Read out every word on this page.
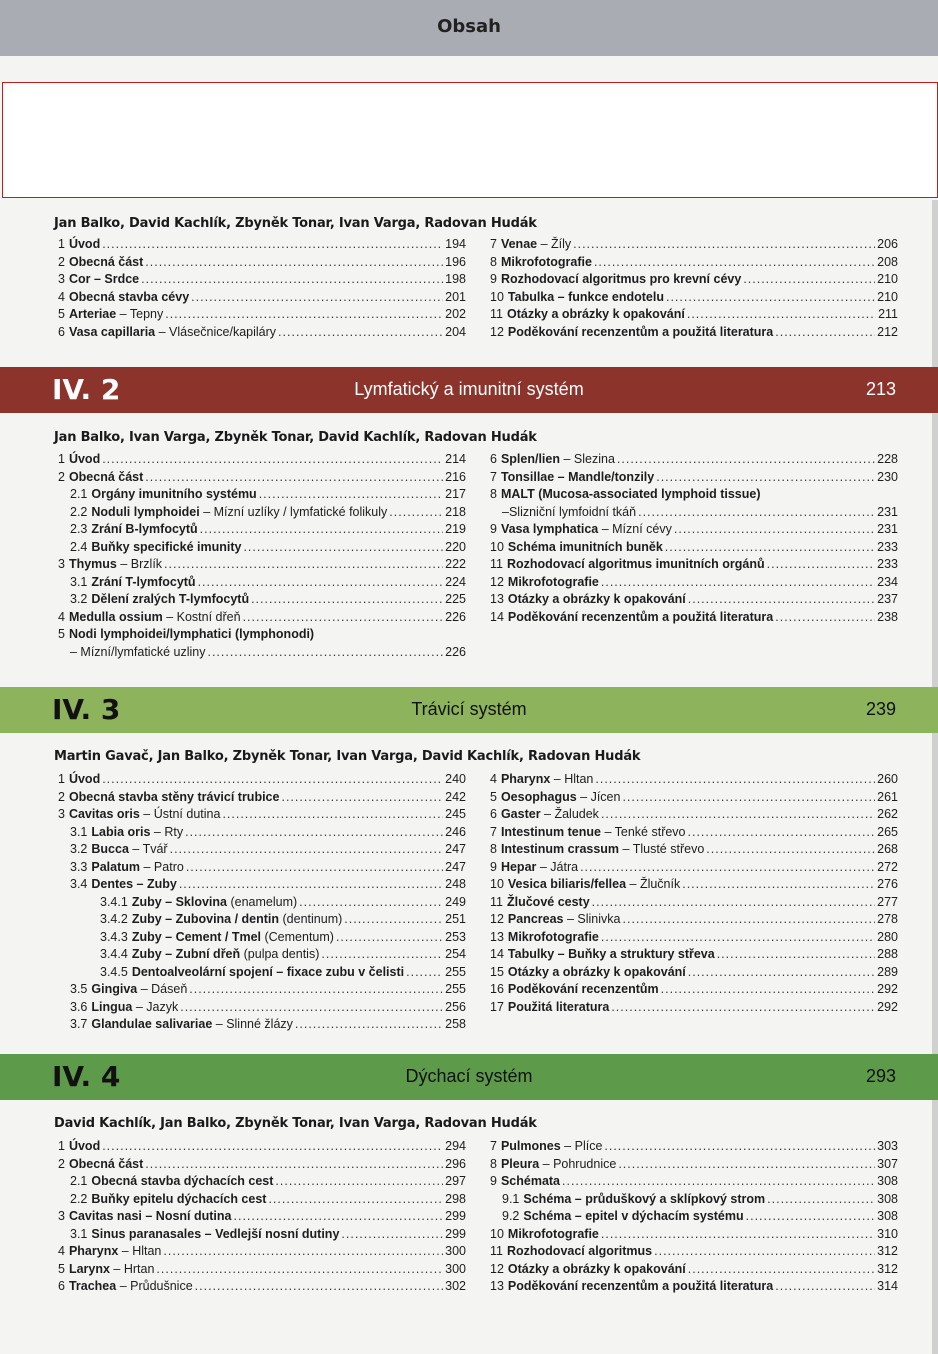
Obsah
Jan Balko, David Kachlík, Zbyněk Tonar, Ivan Varga, Radovan Hudák
1 Úvod .....	194
2 Obecná část .....	196
3 Cor – Srdce .....	198
4 Obecná stavba cévy .....	201
5 Arteriae – Tepny .....	202
6 Vasa capillaria – Vlásečnice/kapiláry .....	204
7 Venae – Žíly .....	206
8 Mikrofotografie .....	208
9 Rozhodovací algoritmus pro krevní cévy .....	210
10 Tabulka – funkce endotelu .....	210
11 Otázky a obrázky k opakování .....	211
12 Poděkování recenzentům a použitá literatura .....	212
IV. 2	Lymfatický a imunitní systém	213
Jan Balko, Ivan Varga, Zbyněk Tonar, David Kachlík, Radovan Hudák
1 Úvod .....	214
2 Obecná část .....	216
2.1 Orgány imunitního systému .....	217
2.2 Noduli lymphoidei – Mízní uzlíky / lymfatické folikuly .....	218
2.3 Zrání B-lymfocytů .....	219
2.4 Buňky specifické imunity .....	220
3 Thymus – Brzlík .....	222
3.1 Zrání T-lymfocytů .....	224
3.2 Dělení zralých T-lymfocytů .....	225
4 Medulla ossium – Kostní dřeň .....	226
5 Nodi lymphoidei/lymphatici (lymphonodi)
– Mízní/lymfatické uzliny .....	226
6 Splen/lien – Slezina .....	228
7 Tonsillae – Mandle/tonzily .....	230
8 MALT (Mucosa-associated lymphoid tissue)
–Slizniční lymfoidní tkáň .....	231
9 Vasa lymphatica – Mízní cévy .....	231
10 Schéma imunitních buněk .....	233
11 Rozhodovací algoritmus imunitních orgánů .....	233
12 Mikrofotografie .....	234
13 Otázky a obrázky k opakování .....	237
14 Poděkování recenzentům a použitá literatura .....	238
IV. 3	Trávicí systém	239
Martin Gavač, Jan Balko, Zbyněk Tonar, Ivan Varga, David Kachlík, Radovan Hudák
1 Úvod .....	240
2 Obecná stavba stěny trávicí trubice .....	242
3 Cavitas oris – Ústní dutina .....	245
3.1 Labia oris – Rty .....	246
3.2 Bucca – Tvář .....	247
3.3 Palatum – Patro .....	247
3.4 Dentes – Zuby .....	248
3.4.1 Zuby – Sklovina (enamelum) .....	249
3.4.2 Zuby – Zubovina / dentin (dentinum) .....	251
3.4.3 Zuby – Cement / Tmel (Cementum) .....	253
3.4.4 Zuby – Zubní dřeň (pulpa dentis) .....	254
3.4.5 Dentoalveolární spojení – fixace zubu v čelisti .....	255
3.5 Gingiva – Dáseň .....	255
3.6 Lingua – Jazyk .....	256
3.7 Glandulae salivariae – Slinné žlázy .....	258
4 Pharynx – Hltan .....	260
5 Oesophagus – Jícen .....	261
6 Gaster – Žaludek .....	262
7 Intestinum tenue – Tenké střevo .....	265
8 Intestinum crassum – Tlusté střevo .....	268
9 Hepar – Játra .....	272
10 Vesica biliaris/fellea – Žlučník .....	276
11 Žlučové cesty .....	277
12 Pancreas – Slinivka .....	278
13 Mikrofotografie .....	280
14 Tabulky – Buňky a struktury střeva .....	288
15 Otázky a obrázky k opakování .....	289
16 Poděkování recenzentům .....	292
17 Použitá literatura .....	292
IV. 4	Dýchací systém	293
David Kachlík, Jan Balko, Zbyněk Tonar, Ivan Varga, Radovan Hudák
1 Úvod .....	294
2 Obecná část .....	296
2.1 Obecná stavba dýchacích cest .....	297
2.2 Buňky epitelu dýchacích cest .....	298
3 Cavitas nasi – Nosní dutina .....	299
3.1 Sinus paranasales – Vedlejší nosní dutiny .....	299
4 Pharynx – Hltan .....	300
5 Larynx – Hrtan .....	300
6 Trachea – Průdušnice .....	302
7 Pulmones – Plíce .....	303
8 Pleura – Pohrudnice .....	307
9 Schémata .....	308
9.1 Schéma – průduškový a sklípkový strom .....	308
9.2 Schéma – epitel v dýchacím systému .....	308
10 Mikrofotografie .....	310
11 Rozhodovací algoritmus .....	312
12 Otázky a obrázky k opakování .....	312
13 Poděkování recenzentům a použitá literatura .....	314
